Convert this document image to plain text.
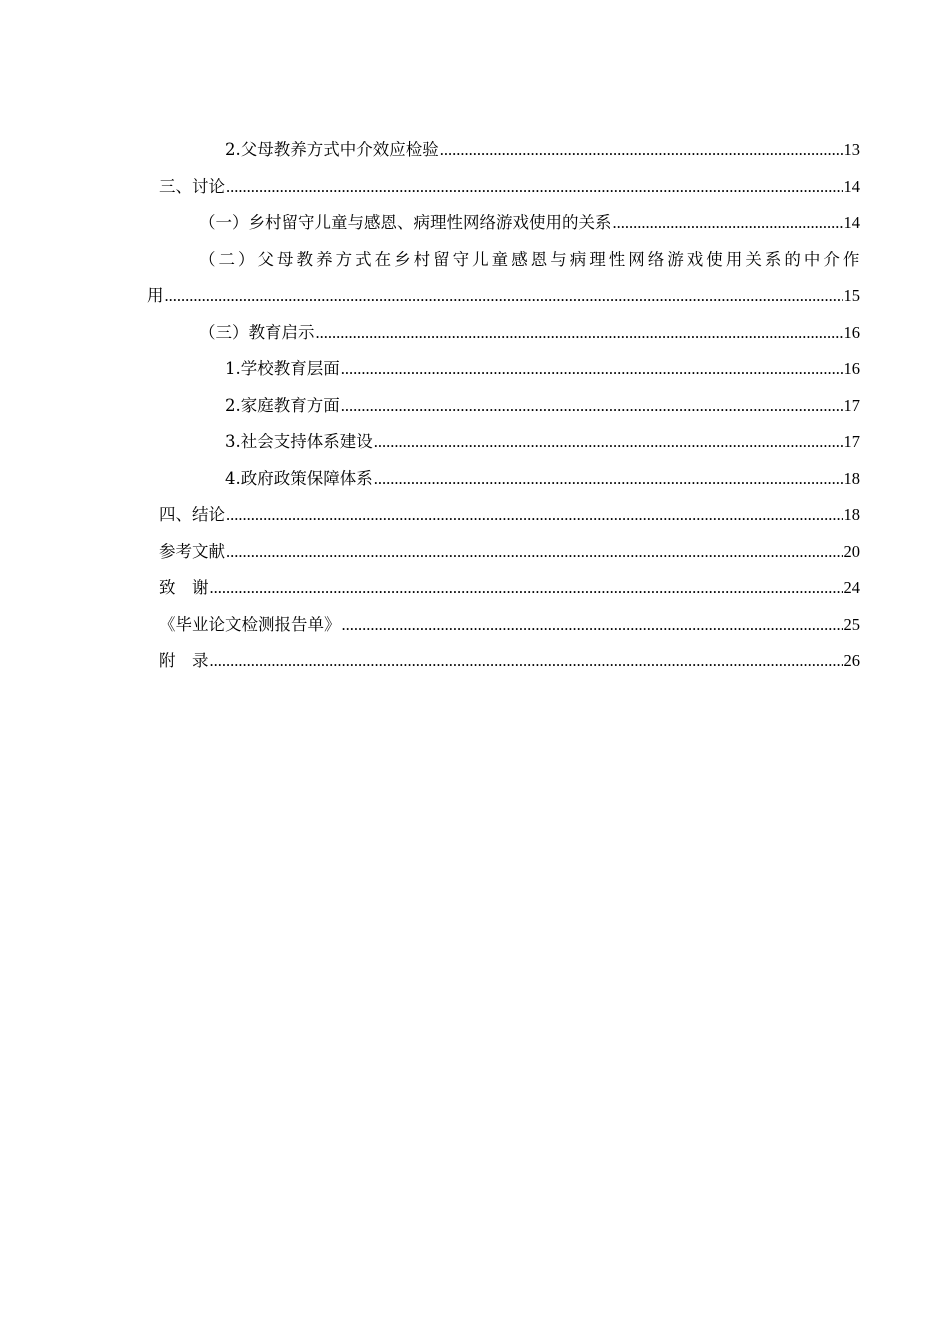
2.父母教养方式中介效应检验 .....	13
三、讨论 .....	14
（一）乡村留守儿童与感恩、病理性网络游戏使用的关系 .....	14
（二）父母教养方式在乡村留守儿童感恩与病理性网络游戏使用关系的中介作
用 .....	15
（三）教育启示 .....	16
1.学校教育层面 .....	16
2.家庭教育方面 .....	17
3.社会支持体系建设 .....	17
4.政府政策保障体系 .....	18
四、结论 .....	18
参考文献 .....	20
致　谢 .....	24
《毕业论文检测报告单》 .....	25
附　录 .....	26
